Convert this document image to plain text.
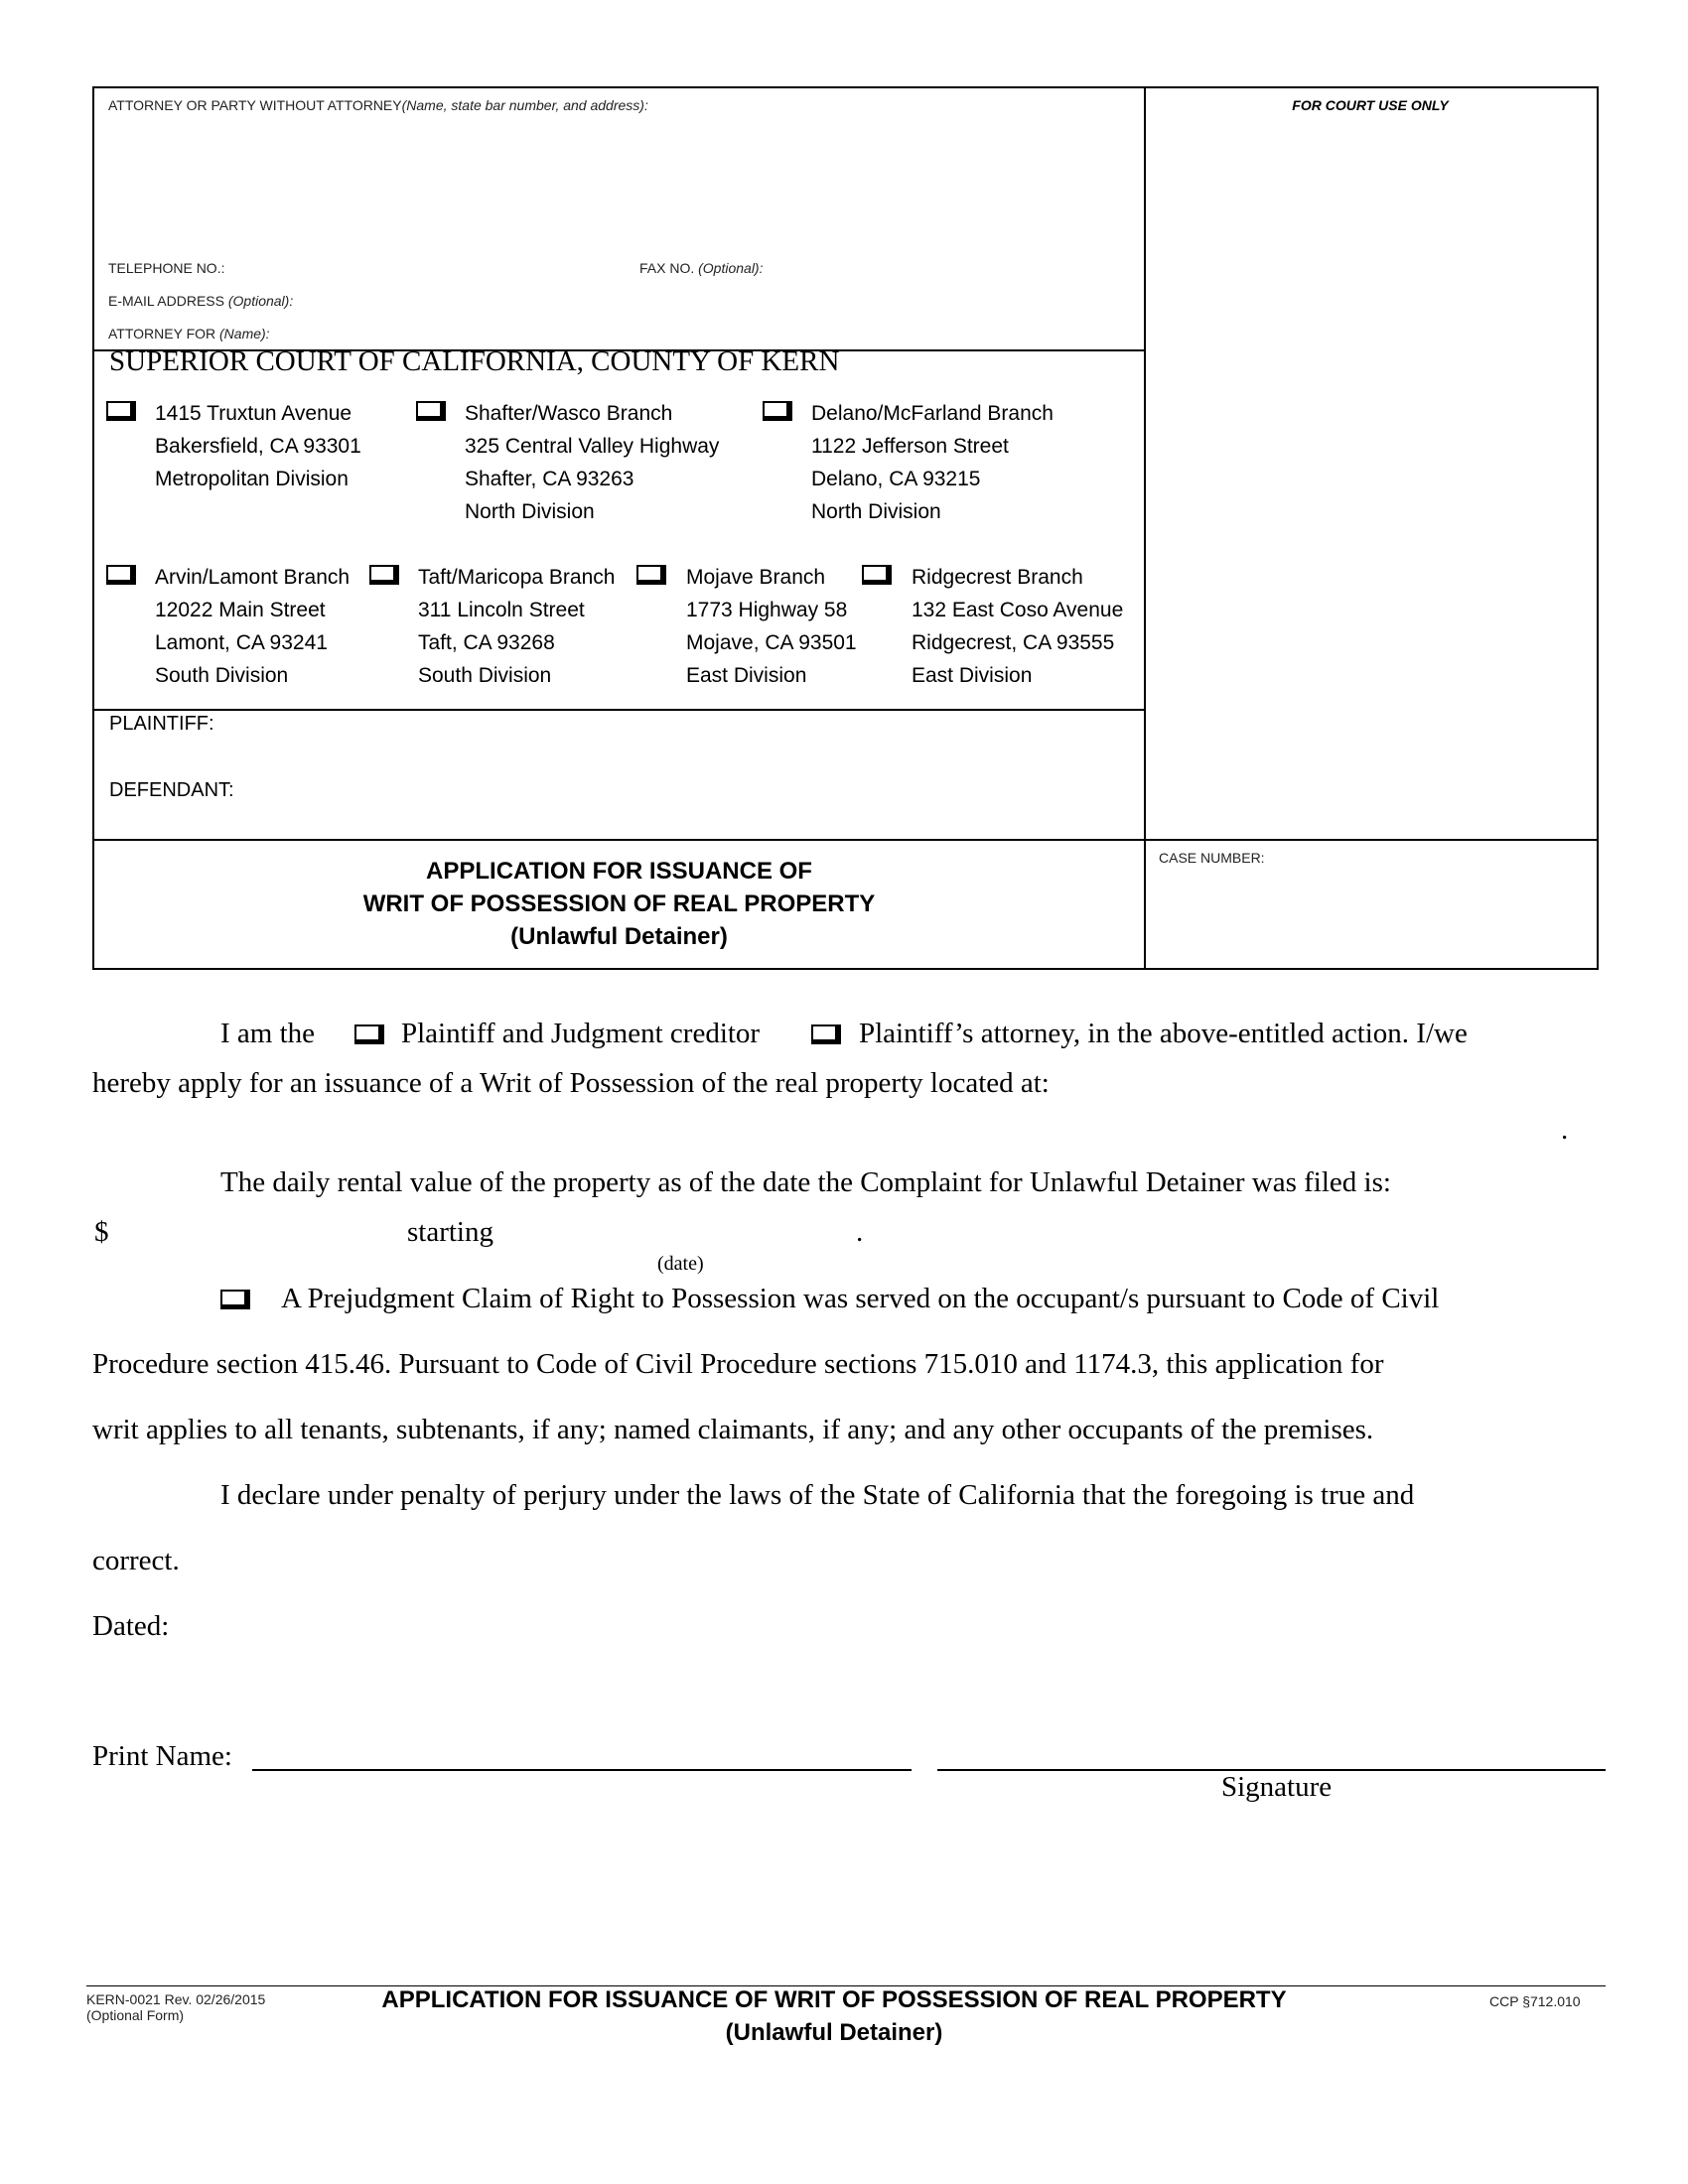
ATTORNEY OR PARTY WITHOUT ATTORNEY(Name, state bar number, and address):	FOR COURT USE ONLY
TELEPHONE NO.:	FAX NO. (Optional):
E-MAIL ADDRESS (Optional):
ATTORNEY FOR (Name):
SUPERIOR COURT OF CALIFORNIA, COUNTY OF KERN
1415 Truxtun Avenue
Bakersfield, CA 93301
Metropolitan Division
Shafter/Wasco Branch
325 Central Valley Highway
Shafter, CA 93263
North Division
Delano/McFarland Branch
1122 Jefferson Street
Delano, CA 93215
North Division
Arvin/Lamont Branch
12022 Main Street
Lamont, CA 93241
South Division
Taft/Maricopa Branch
311 Lincoln Street
Taft, CA 93268
South Division
Mojave Branch
1773 Highway 58
Mojave, CA 93501
East Division
Ridgecrest Branch
132 East Coso Avenue
Ridgecrest, CA 93555
East Division
PLAINTIFF:
DEFENDANT:
APPLICATION FOR ISSUANCE OF
WRIT OF POSSESSION OF REAL PROPERTY
(Unlawful Detainer)
CASE NUMBER:
I am the	Plaintiff and Judgment creditor	Plaintiff’s attorney, in the above-entitled action. I/we
hereby apply for an issuance of a Writ of Possession of the real property located at:
.
The daily rental value of the property as of the date the Complaint for Unlawful Detainer was filed is:
$	starting	.
(date)
A Prejudgment Claim of Right to Possession was served on the occupant/s pursuant to Code of Civil
Procedure section 415.46. Pursuant to Code of Civil Procedure sections 715.010 and 1174.3, this application for
writ applies to all tenants, subtenants, if any; named claimants, if any; and any other occupants of the premises.
I declare under penalty of perjury under the laws of the State of California that the foregoing is true and
correct.
Dated:
Print Name:
Signature
KERN-0021 Rev. 02/26/2015
(Optional Form)
APPLICATION FOR ISSUANCE OF WRIT OF POSSESSION OF REAL PROPERTY
(Unlawful Detainer)
CCP §712.010
